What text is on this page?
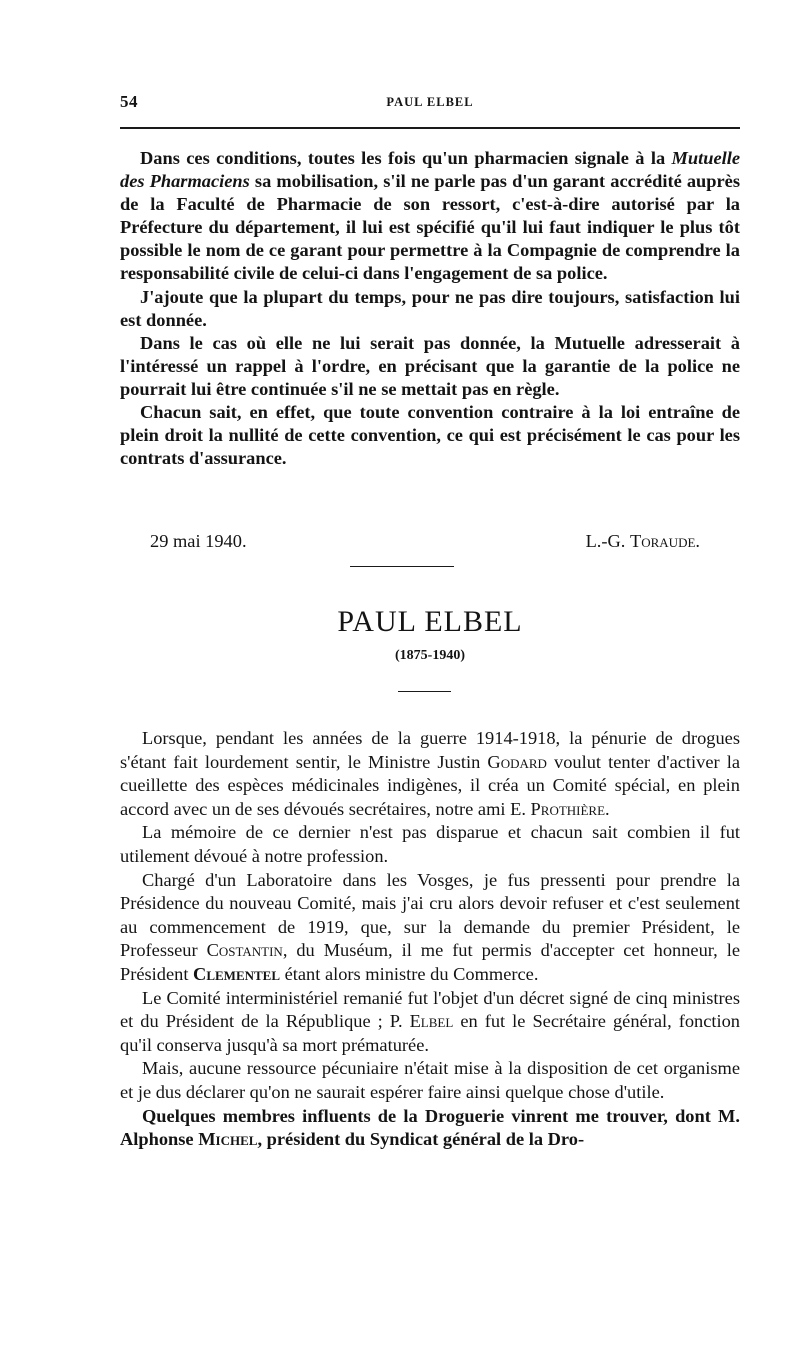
54	PAUL ELBEL

Dans ces conditions, toutes les fois qu'un pharmacien signale à la Mutuelle des Pharmaciens sa mobilisation, s'il ne parle pas d'un garant accrédité auprès de la Faculté de Pharmacie de son ressort, c'est-à-dire autorisé par la Préfecture du département, il lui est spécifié qu'il lui faut indiquer le plus tôt possible le nom de ce garant pour permettre à la Compagnie de comprendre la responsabilité civile de celui-ci dans l'engagement de sa police.

J'ajoute que la plupart du temps, pour ne pas dire toujours, satisfaction lui est donnée.

Dans le cas où elle ne lui serait pas donnée, la Mutuelle adresserait à l'intéressé un rappel à l'ordre, en précisant que la garantie de la police ne pourrait lui être continuée s'il ne se mettait pas en règle.

Chacun sait, en effet, que toute convention contraire à la loi entraîne de plein droit la nullité de cette convention, ce qui est précisément le cas pour les contrats d'assurance.

29 mai 1940.	L.-G. Toraude.
PAUL ELBEL
(1875-1940)

Lorsque, pendant les années de la guerre 1914-1918, la pénurie de drogues s'étant fait lourdement sentir, le Ministre Justin Godard voulut tenter d'activer la cueillette des espèces médicinales indigènes, il créa un Comité spécial, en plein accord avec un de ses dévoués secrétaires, notre ami E. Prothière.

La mémoire de ce dernier n'est pas disparue et chacun sait combien il fut utilement dévoué à notre profession.

Chargé d'un Laboratoire dans les Vosges, je fus pressenti pour prendre la Présidence du nouveau Comité, mais j'ai cru alors devoir refuser et c'est seulement au commencement de 1919, que, sur la demande du premier Président, le Professeur Costantin, du Muséum, il me fut permis d'accepter cet honneur, le Président Clementel étant alors ministre du Commerce.

Le Comité interministériel remanié fut l'objet d'un décret signé de cinq ministres et du Président de la République ; P. Elbel en fut le Secrétaire général, fonction qu'il conserva jusqu'à sa mort prématurée.

Mais, aucune ressource pécuniaire n'était mise à la disposition de cet organisme et je dus déclarer qu'on ne saurait espérer faire ainsi quelque chose d'utile.

Quelques membres influents de la Droguerie vinrent me trouver, dont M. Alphonse Michel, président du Syndicat général de la Dro-
